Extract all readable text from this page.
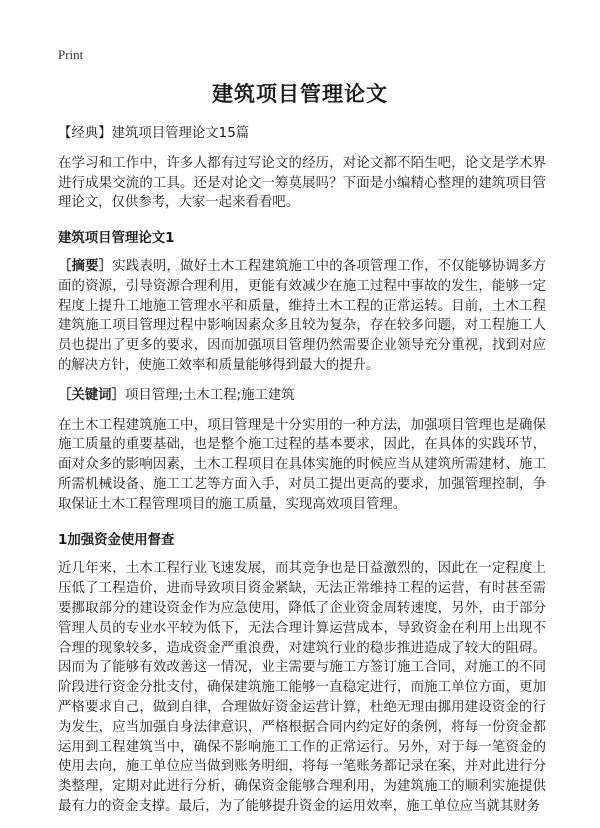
Print
建筑项目管理论文

【经典】建筑项目管理论文15篇

在学习和工作中，许多人都有过写论文的经历，对论文都不陌生吧，论文是学术界进行成果交流的工具。还是对论文一筹莫展吗？下面是小编精心整理的建筑项目管理论文，仅供参考，大家一起来看看吧。

建筑项目管理论文1

［摘要］实践表明，做好土木工程建筑施工中的各项管理工作，不仅能够协调多方面的资源，引导资源合理利用，更能有效减少在施工过程中事故的发生，能够一定程度上提升工地施工管理水平和质量，维持土木工程的正常运转。目前，土木工程建筑施工项目管理过程中影响因素众多且较为复杂，存在较多问题，对工程施工人员也提出了更多的要求，因而加强项目管理仍然需要企业领导充分重视，找到对应的解决方针，使施工效率和质量能够得到最大的提升。

［关键词］项目管理;土木工程;施工建筑

在土木工程建筑施工中，项目管理是十分实用的一种方法，加强项目管理也是确保施工质量的重要基础，也是整个施工过程的基本要求，因此，在具体的实践环节，面对众多的影响因素，土木工程项目在具体实施的时候应当从建筑所需建材、施工所需机械设备、施工工艺等方面入手，对员工提出更高的要求，加强管理控制，争取保证土木工程管理项目的施工质量，实现高效项目管理。

1加强资金使用督查

近几年来，土木工程行业飞速发展，而其竞争也是日益激烈的，因此在一定程度上压低了工程造价，进而导致项目资金紧缺，无法正常维持工程的运营，有时甚至需要挪取部分的建设资金作为应急使用，降低了企业资金周转速度，另外，由于部分管理人员的专业水平较为低下，无法合理计算运营成本，导致资金在利用上出现不合理的现象较多，造成资金严重浪费，对建筑行业的稳步推进造成了较大的阻碍。因而为了能够有效改善这一情况，业主需要与施工方签订施工合同，对施工的不同阶段进行资金分批支付，确保建筑施工能够一直稳定进行，而施工单位方面，更加严格要求自己，做到自律，合理做好资金运营计算，杜绝无理由挪用建设资金的行为发生，应当加强自身法律意识，严格根据合同内约定好的条例，将每一份资金都运用到工程建筑当中，确保不影响施工工作的正常运行。另外，对于每一笔资金的使用去向，施工单位应当做到账务明细，将每一笔账务都记录在案，并对此进行分类整理，定期对此进行分析，确保资金能够合理利用，为建筑施工的顺利实施提供最有力的资金支撑。最后，为了能够提升资金的运用效率，施工单位应当就其财务
